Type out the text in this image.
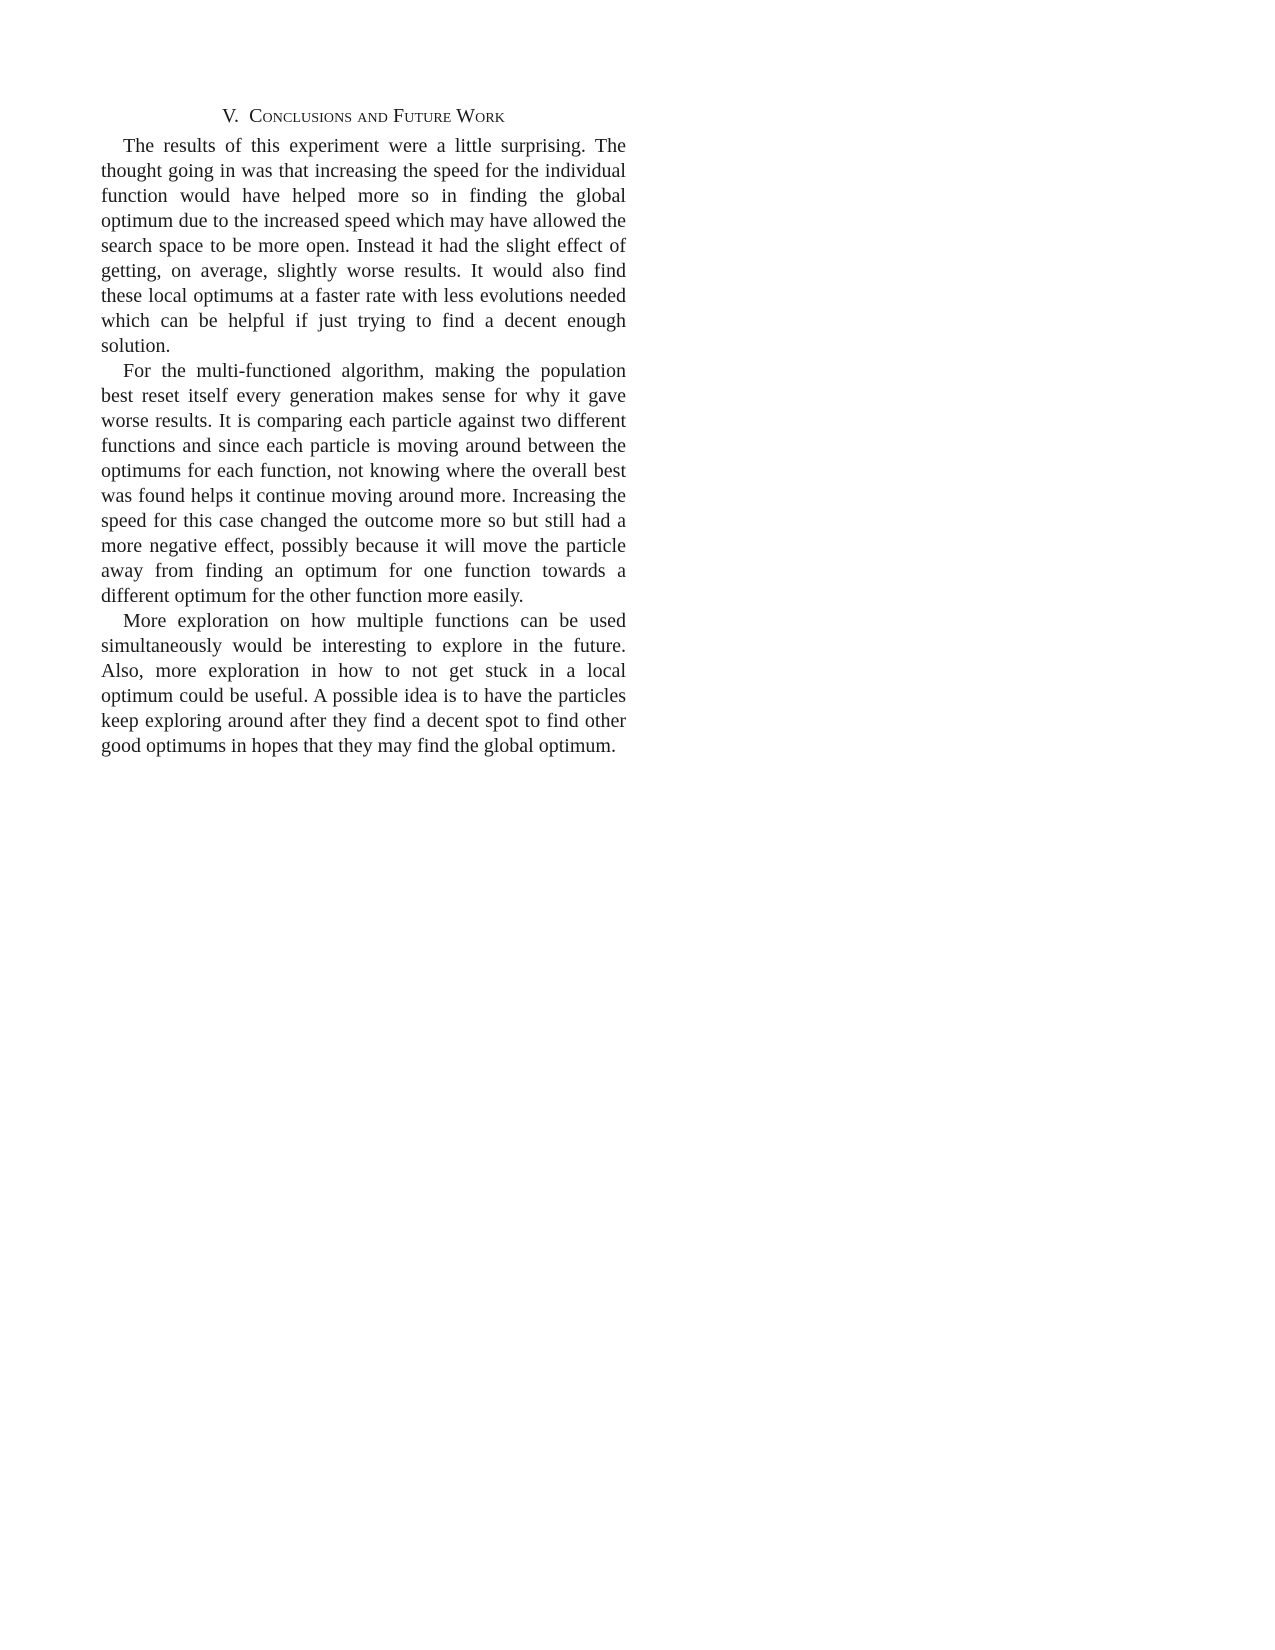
V. Conclusions and Future Work

The results of this experiment were a little surprising. The thought going in was that increasing the speed for the individual function would have helped more so in finding the global optimum due to the increased speed which may have allowed the search space to be more open. Instead it had the slight effect of getting, on average, slightly worse results. It would also find these local optimums at a faster rate with less evolutions needed which can be helpful if just trying to find a decent enough solution.

For the multi-functioned algorithm, making the population best reset itself every generation makes sense for why it gave worse results. It is comparing each particle against two different functions and since each particle is moving around between the optimums for each function, not knowing where the overall best was found helps it continue moving around more. Increasing the speed for this case changed the outcome more so but still had a more negative effect, possibly because it will move the particle away from finding an optimum for one function towards a different optimum for the other function more easily.

More exploration on how multiple functions can be used simultaneously would be interesting to explore in the future. Also, more exploration in how to not get stuck in a local optimum could be useful. A possible idea is to have the particles keep exploring around after they find a decent spot to find other good optimums in hopes that they may find the global optimum.
